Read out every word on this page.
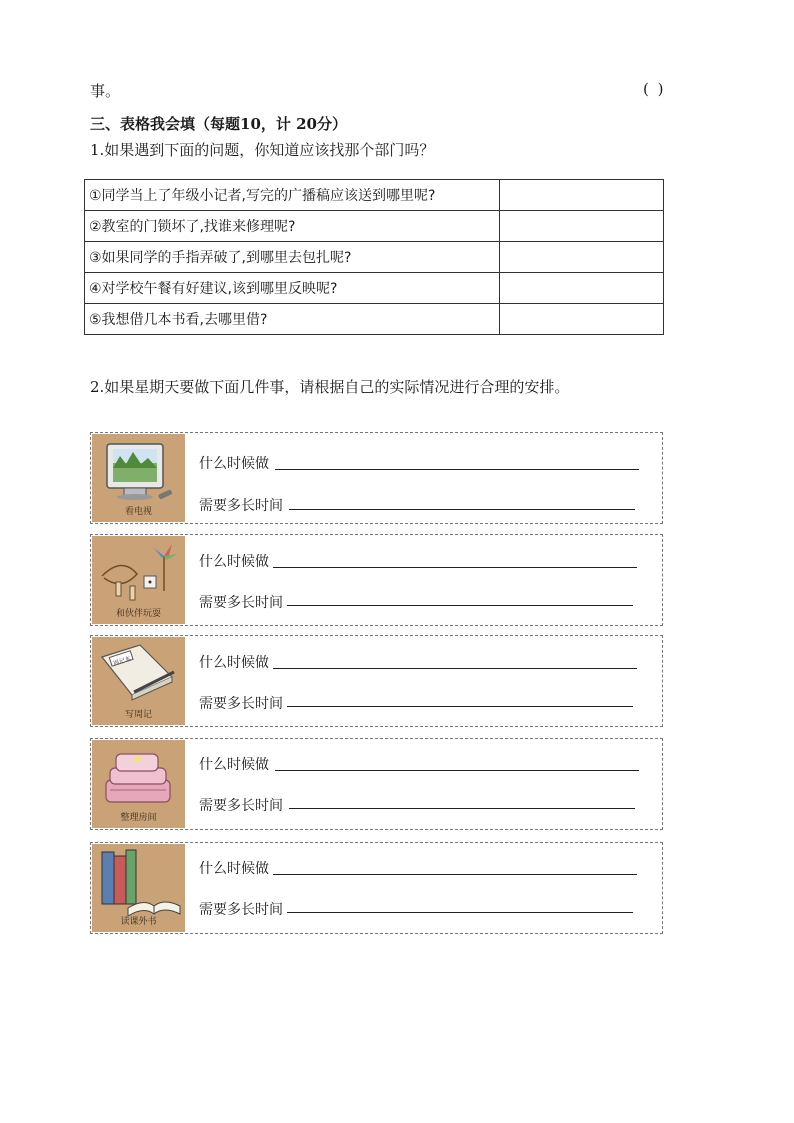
事。	( )
三、表格我会填（每题10，计 20分）
1.如果遇到下面的问题，你知道应该找那个部门吗？
①同学当上了年级小记者,写完的广播稿应该送到哪里呢?	
②教室的门锁坏了,找谁来修理呢?	
③如果同学的手指弄破了,到哪里去包扎呢?	
④对学校午餐有好建议,该到哪里反映呢?	
⑤我想借几本书看,去哪里借?	
2.如果星期天要做下面几件事，请根据自己的实际情况进行合理的安排。
看电视
什么时候做
需要多长时间
和伙伴玩耍
什么时候做
需要多长时间
周记本
写周记
什么时候做
需要多长时间
整理房间
什么时候做
需要多长时间
读课外书
什么时候做
需要多长时间
